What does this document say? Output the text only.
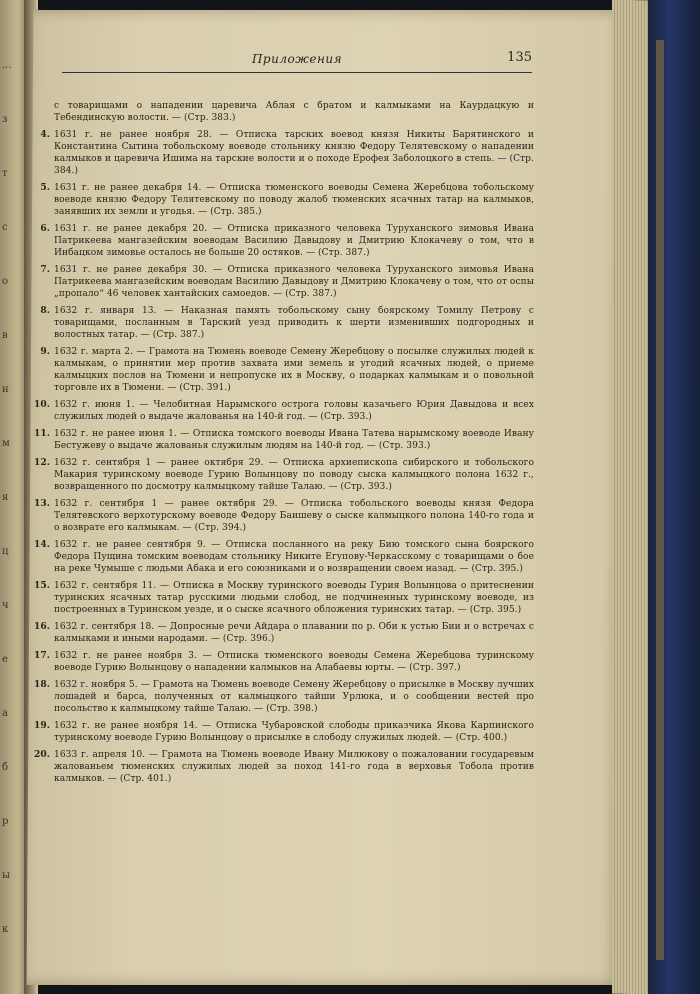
...
з
т
с
о
в
н
м
я
ц
ч
е
а
б
р
ы
к
Приложения	135
с товарищами о нападении царевича Аблая с братом и калмыками на Каурдацкую и Тебендинскую волости. — (Стр. 383.)
4. 1631 г. не ранее ноября 28. — Отписка тарских воевод князя Никиты Барятинского и Константина Сытина тобольскому воеводе стольнику князю Федору Телятевскому о нападении калмыков и царевича Ишима на тарские волости и о походе Ерофея Заболоцкого в степь. — (Стр. 384.)
5. 1631 г. не ранее декабря 14. — Отписка тюменского воеводы Семена Жеребцова тобольскому воеводе князю Федору Телятевскому по поводу жалоб тюменских ясачных татар на калмыков, занявших их земли и угодья. — (Стр. 385.)
6. 1631 г. не ранее декабря 20. — Отписка приказного человека Туруханского зимовья Ивана Патрикеева мангазейским воеводам Василию Давыдову и Дмитрию Клокачеву о том, что в Инбацком зимовье осталось не больше 20 остяков. — (Стр. 387.)
7. 1631 г. не ранее декабря 30. — Отписка приказного человека Туруханского зимовья Ивана Патрикеева мангазейским воеводам Василию Давыдову и Дмитрию Клокачеву о том, что от оспы „пропало“ 46 человек хантайских самоедов. — (Стр. 387.)
8. 1632 г. января 13. — Наказная память тобольскому сыну боярскому Томилу Петрову с товарищами, посланным в Тарский уезд приводить к шерти изменивших подгородных и волостных татар. — (Стр. 387.)
9. 1632 г. марта 2. — Грамота на Тюмень воеводе Семену Жеребцову о посылке служилых людей к калмыкам, о принятии мер против захвата ими земель и угодий ясачных людей, о приеме калмыцких послов на Тюмени и непропуске их в Москву, о подарках калмыкам и о повольной торговле их в Тюмени. — (Стр. 391.)
10. 1632 г. июня 1. — Челобитная Нарымского острога головы казачьего Юрия Давыдова и всех служилых людей о выдаче жалованья на 140-й год. — (Стр. 393.)
11. 1632 г. не ранее июня 1. — Отписка томского воеводы Ивана Татева нарымскому воеводе Ивану Бестужеву о выдаче жалованья служилым людям на 140-й год. — (Стр. 393.)
12. 1632 г. сентября 1 — ранее октября 29. — Отписка архиепископа сибирского и тобольского Макария туринскому воеводе Гурию Волынцову по поводу сыска калмыцкого полона 1632 г., возвращенного по досмотру калмыцкому тайше Талаю. — (Стр. 393.)
13. 1632 г. сентября 1 — ранее октября 29. — Отписка тобольского воеводы князя Федора Телятевского верхотурскому воеводе Федору Баишеву о сыске калмыцкого полона 140-го года и о возврате его калмыкам. — (Стр. 394.)
14. 1632 г. не ранее сентября 9. — Отписка посланного на реку Бию томского сына боярского Федора Пущина томским воеводам стольнику Никите Егупову-Черкасскому с товарищами о бое на реке Чумыше с людьми Абака и его союзниками и о возвращении своем назад. — (Стр. 395.)
15. 1632 г. сентября 11. — Отписка в Москву туринского воеводы Гурия Волынцова о притеснении туринских ясачных татар русскими людьми слобод, не подчиненных туринскому воеводе, из построенных в Туринском уезде, и о сыске ясачного обложения туринских татар. — (Стр. 395.)
16. 1632 г. сентября 18. — Допросные речи Айдара о плавании по р. Оби к устью Бии и о встречах с калмыками и иными народами. — (Стр. 396.)
17. 1632 г. не ранее ноября 3. — Отписка тюменского воеводы Семена Жеребцова туринскому воеводе Гурию Волынцову о нападении калмыков на Алабаевы юрты. — (Стр. 397.)
18. 1632 г. ноября 5. — Грамота на Тюмень воеводе Семену Жеребцову о присылке в Москву лучших лошадей и барса, полученных от калмыцкого тайши Урлюка, и о сообщении вестей про посольство к калмыцкому тайше Талаю. — (Стр. 398.)
19. 1632 г. не ранее ноября 14. — Отписка Чубаровской слободы приказчика Якова Карпинского туринскому воеводе Гурию Волынцову о присылке в слободу служилых людей. — (Стр. 400.)
20. 1633 г. апреля 10. — Грамота на Тюмень воеводе Ивану Милюкову о пожаловании государевым жалованьем тюменских служилых людей за поход 141-го года в верховья Тобола против калмыков. — (Стр. 401.)
